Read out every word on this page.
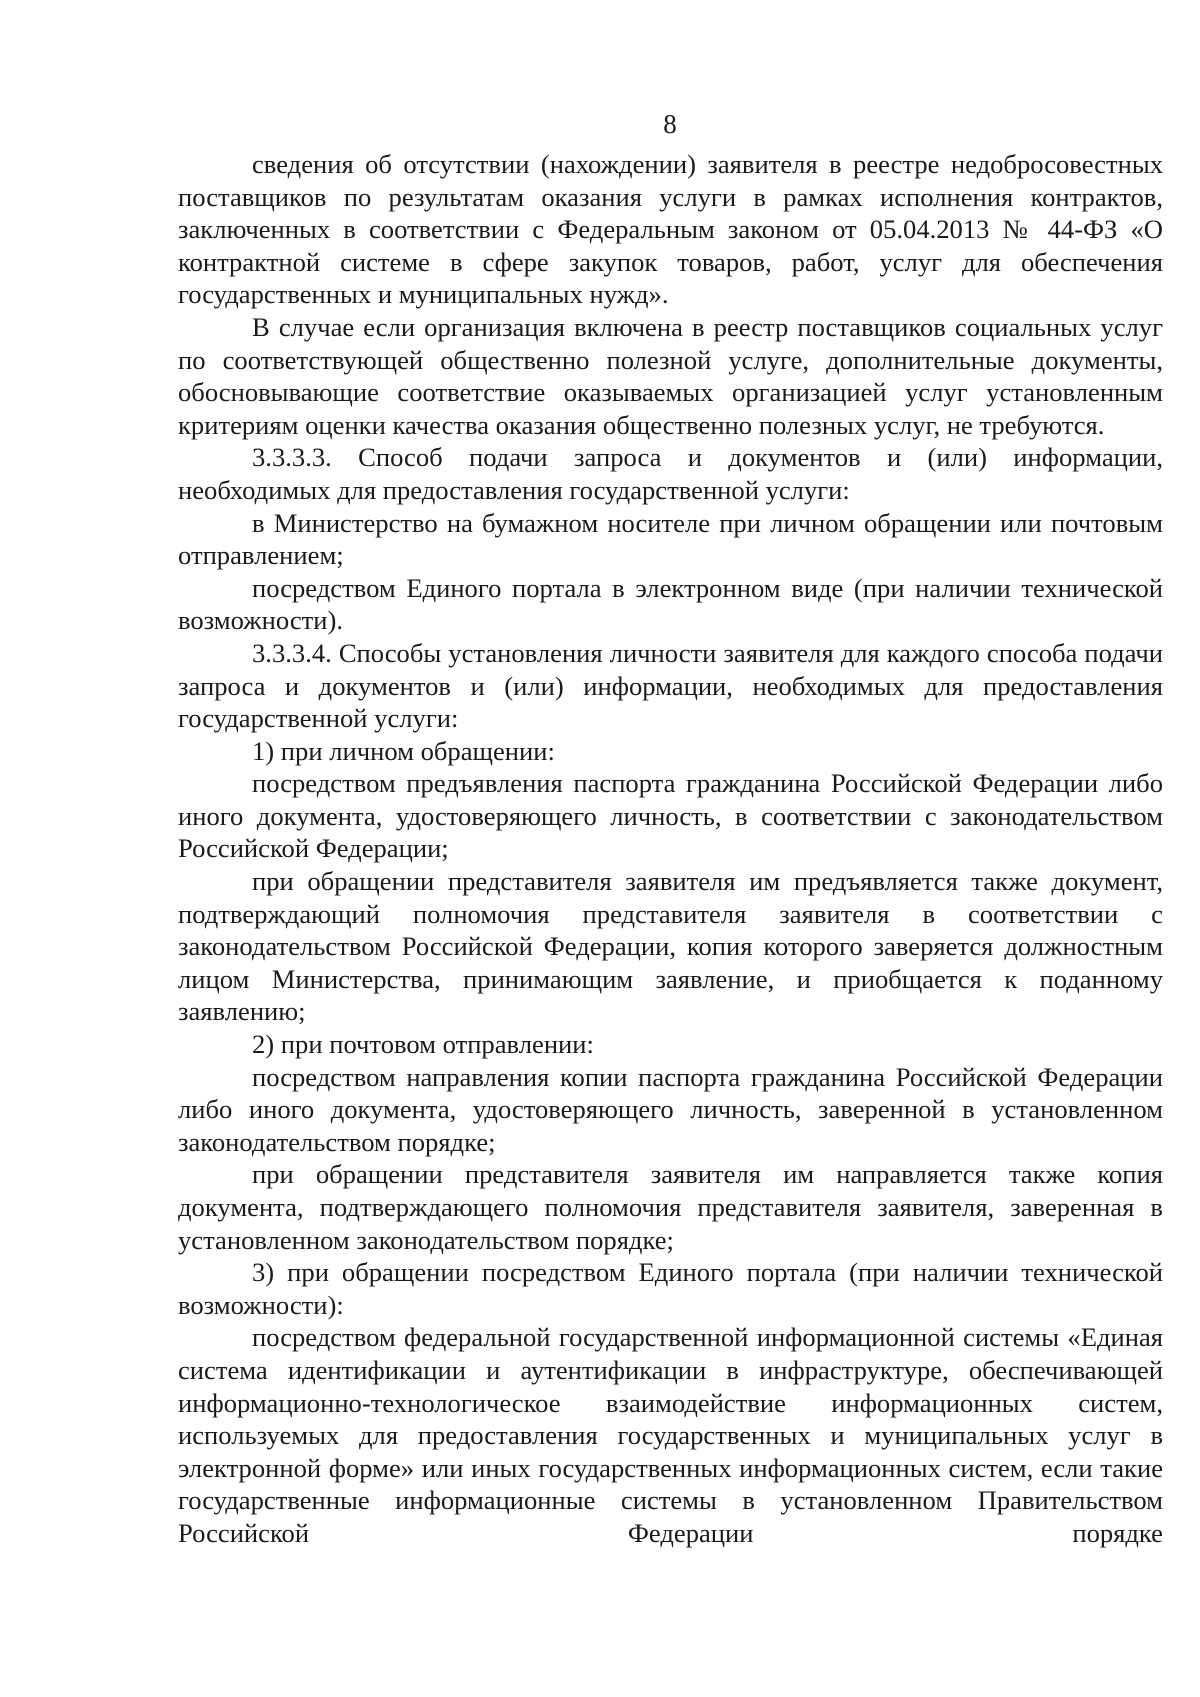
8

сведения об отсутствии (нахождении) заявителя в реестре недобросовестных поставщиков по результатам оказания услуги в рамках исполнения контрактов, заключенных в соответствии с Федеральным законом от 05.04.2013 № 44-ФЗ «О контрактной системе в сфере закупок товаров, работ, услуг для обеспечения государственных и муниципальных нужд».

В случае если организация включена в реестр поставщиков социальных услуг по соответствующей общественно полезной услуге, дополнительные документы, обосновывающие соответствие оказываемых организацией услуг установленным критериям оценки качества оказания общественно полезных услуг, не требуются.

3.3.3.3. Способ подачи запроса и документов и (или) информации, необходимых для предоставления государственной услуги:

в Министерство на бумажном носителе при личном обращении или почтовым отправлением;

посредством Единого портала в электронном виде (при наличии технической возможности).

3.3.3.4. Способы установления личности заявителя для каждого способа подачи запроса и документов и (или) информации, необходимых для предоставления государственной услуги:

1) при личном обращении:

посредством предъявления паспорта гражданина Российской Федерации либо иного документа, удостоверяющего личность, в соответствии с законодательством Российской Федерации;

при обращении представителя заявителя им предъявляется также документ, подтверждающий полномочия представителя заявителя в соответствии с законодательством Российской Федерации, копия которого заверяется должностным лицом Министерства, принимающим заявление, и приобщается к поданному заявлению;

2) при почтовом отправлении:

посредством направления копии паспорта гражданина Российской Федерации либо иного документа, удостоверяющего личность, заверенной в установленном законодательством порядке;

при обращении представителя заявителя им направляется также копия документа, подтверждающего полномочия представителя заявителя, заверенная в установленном законодательством порядке;

3) при обращении посредством Единого портала (при наличии технической возможности):

посредством федеральной государственной информационной системы «Единая система идентификации и аутентификации в инфраструктуре, обеспечивающей информационно-технологическое взаимодействие информационных систем, используемых для предоставления государственных и муниципальных услуг в электронной форме» или иных государственных информационных систем, если такие государственные информационные системы в установленном Правительством Российской Федерации порядке
